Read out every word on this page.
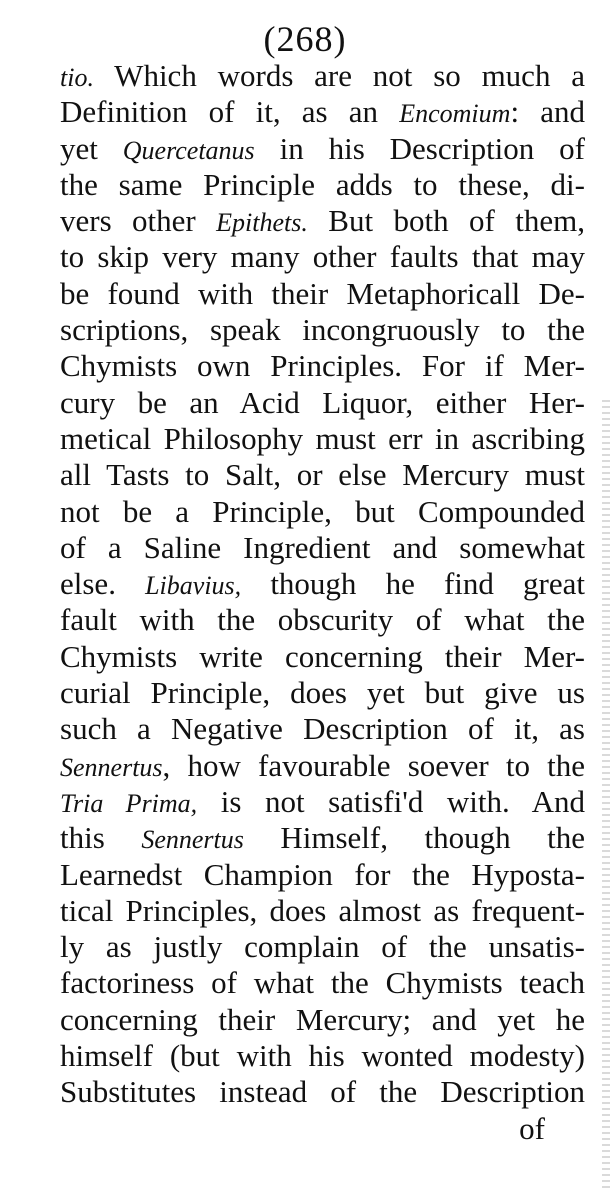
(268)
tio. Which words are not so much a
Definition of it, as an Encomium: and
yet Quercetanus in his Description of
the same Principle adds to these, di-
vers other Epithets. But both of them,
to skip very many other faults that may
be found with their Metaphoricall De-
scriptions, speak incongruously to the
Chymists own Principles. For if Mer-
cury be an Acid Liquor, either Her-
metical Philosophy must err in ascribing
all Tasts to Salt, or else Mercury must
not be a Principle, but Compounded
of a Saline Ingredient and somewhat
else. Libavius, though he find great
fault with the obscurity of what the
Chymists write concerning their Mer-
curial Principle, does yet but give us
such a Negative Description of it, as
Sennertus, how favourable soever to the
Tria Prima, is not satisfi'd with. And
this Sennertus Himself, though the
Learnedst Champion for the Hyposta-
tical Principles, does almost as frequent-
ly as justly complain of the unsatis-
factoriness of what the Chymists teach
concerning their Mercury; and yet he
himself (but with his wonted modesty)
Substitutes instead of the Description
of
